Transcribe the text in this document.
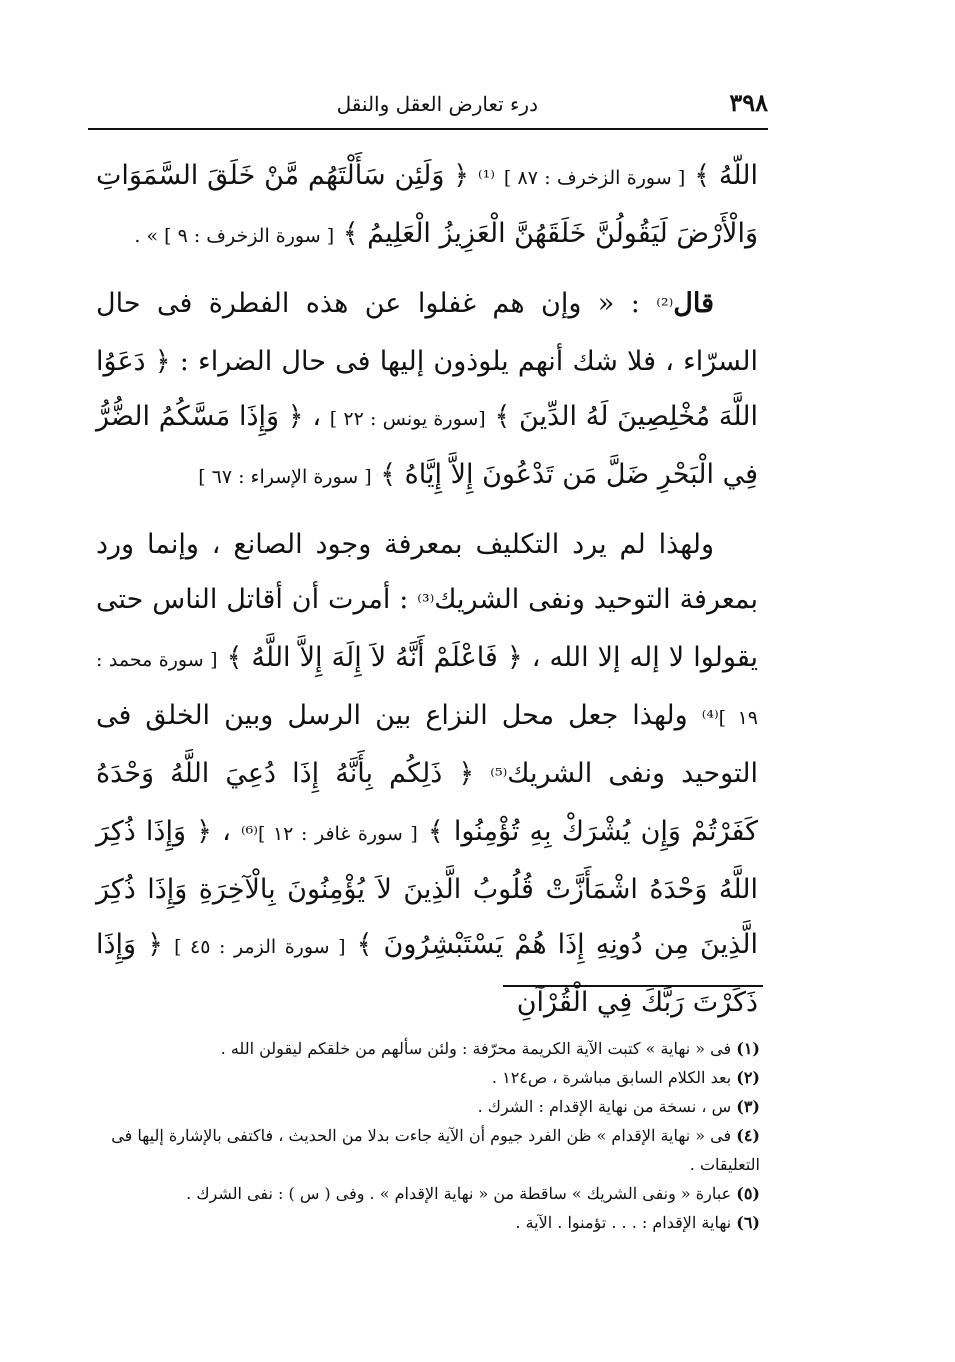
٣٩٨
درء تعارض العقل والنقل

اللّهُ ﴾ [ سورة الزخرف : ٨٧ ] ⁽¹⁾ ﴿ وَلَئِن سَأَلْتَهُم مَّنْ خَلَقَ السَّمَوَاتِ وَالْأَرْضَ لَيَقُولُنَّ خَلَقَهُنَّ الْعَزِيزُ الْعَلِيمُ ﴾ [ سورة الزخرف : ٩ ] » .

قال⁽²⁾ : « وإن هم غفلوا عن هذه الفطرة فى حال السرّاء ، فلا شك أنهم يلوذون إليها فى حال الضراء : ﴿ دَعَوُا اللَّهَ مُخْلِصِينَ لَهُ الدِّينَ ﴾ [سورة يونس : ٢٢ ] ، ﴿ وَإِذَا مَسَّكُمُ الضُّرُّ فِي الْبَحْرِ ضَلَّ مَن تَدْعُونَ إِلاَّ إِيَّاهُ ﴾ [ سورة الإسراء : ٦٧ ]

ولهذا لم يرد التكليف بمعرفة وجود الصانع ، وإنما ورد بمعرفة التوحيد ونفى الشريك⁽³⁾ : أمرت أن أقاتل الناس حتى يقولوا لا إله إلا الله ، ﴿ فَاعْلَمْ أَنَّهُ لاَ إِلَهَ إِلاَّ اللَّهُ ﴾ [ سورة محمد : ١٩ ]⁽⁴⁾ ولهذا جعل محل النزاع بين الرسل وبين الخلق فى التوحيد ونفى الشريك⁽⁵⁾ ﴿ ذَلِكُم بِأَنَّهُ إِذَا دُعِيَ اللَّهُ وَحْدَهُ كَفَرْتُمْ وَإِن يُشْرَكْ بِهِ تُؤْمِنُوا ﴾ [ سورة غافر : ١٢ ]⁽⁶⁾ ، ﴿ وَإِذَا ذُكِرَ اللَّهُ وَحْدَهُ اشْمَأَزَّتْ قُلُوبُ الَّذِينَ لاَ يُؤْمِنُونَ بِالْآخِرَةِ وَإِذَا ذُكِرَ الَّذِينَ مِن دُونِهِ إِذَا هُمْ يَسْتَبْشِرُونَ ﴾ [ سورة الزمر : ٤٥ ] ﴿ وَإِذَا ذَكَرْتَ رَبَّكَ فِي الْقُرْآنِ

(١) فى « نهاية » كتبت الآية الكريمة محرّفة : ولئن سألهم من خلقكم ليقولن الله .

(٢) بعد الكلام السابق مباشرة ، ص١٢٤ .

(٣) س ، نسخة من نهاية الإقدام : الشرك .

(٤) فى « نهاية الإقدام » ظن الفرد جيوم أن الآية جاءت بدلا من الحديث ، فاكتفى بالإشارة إليها فى التعليقات .

(٥) عبارة « ونفى الشريك » ساقطة من « نهاية الإقدام » . وفى ( س ) : نفى الشرك .

(٦) نهاية الإقدام : . . . تؤمنوا . الآية .
